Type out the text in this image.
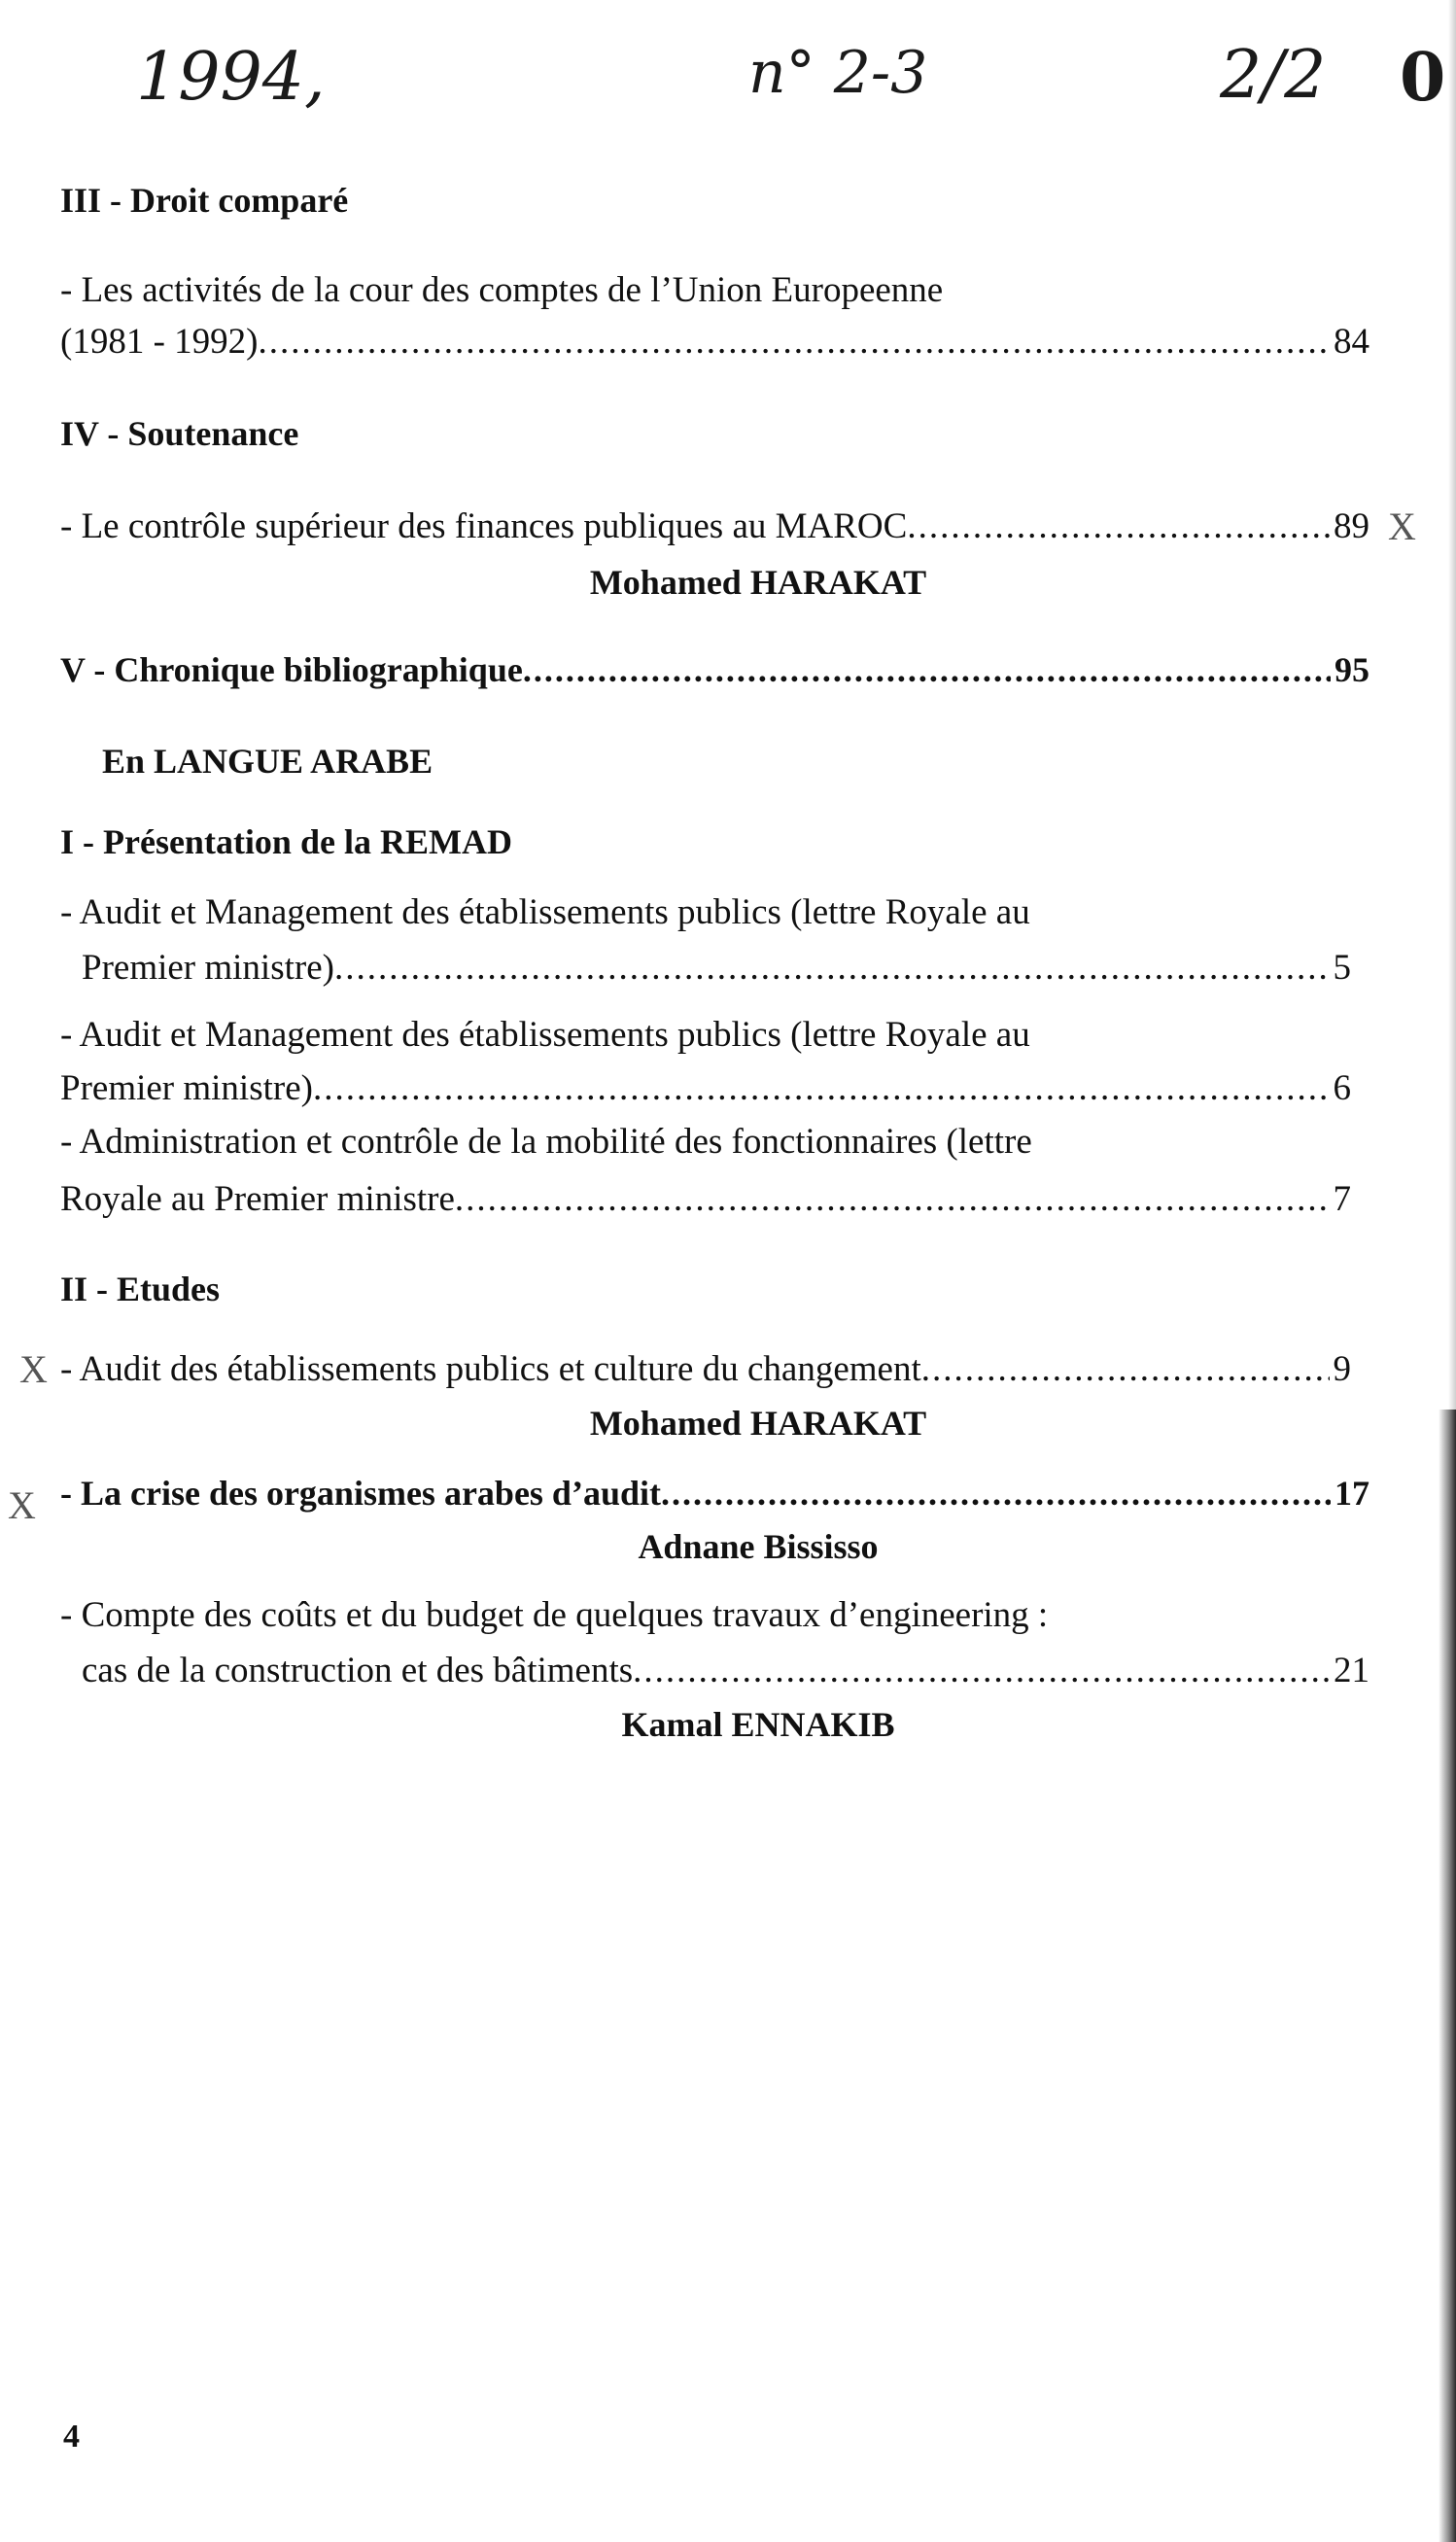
1994,	n° 2-3	2/2 0
III - Droit comparé
- Les activités de la cour des comptes de l’Union Europeenne
(1981 - 1992) .....	84
IV - Soutenance
- Le contrôle supérieur des finances publiques au MAROC .....	89 X
Mohamed HARAKAT
V - Chronique bibliographique .....	95
En LANGUE ARABE
I - Présentation de la REMAD
- Audit et Management des établissements publics (lettre Royale au
Premier ministre) .....	5
- Audit et Management des établissements publics (lettre Royale au
Premier ministre) .....	6
- Administration et contrôle de la mobilité des fonctionnaires (lettre
Royale au Premier ministre .....	7
II - Etudes
X - Audit des établissements publics et culture du changement .....	9
Mohamed HARAKAT
X - La crise des organismes arabes d’audit .....	17
Adnane Bississo
- Compte des coûts et du budget de quelques travaux d’engineering :
cas de la construction et des bâtiments .....	21
Kamal ENNAKIB
4
